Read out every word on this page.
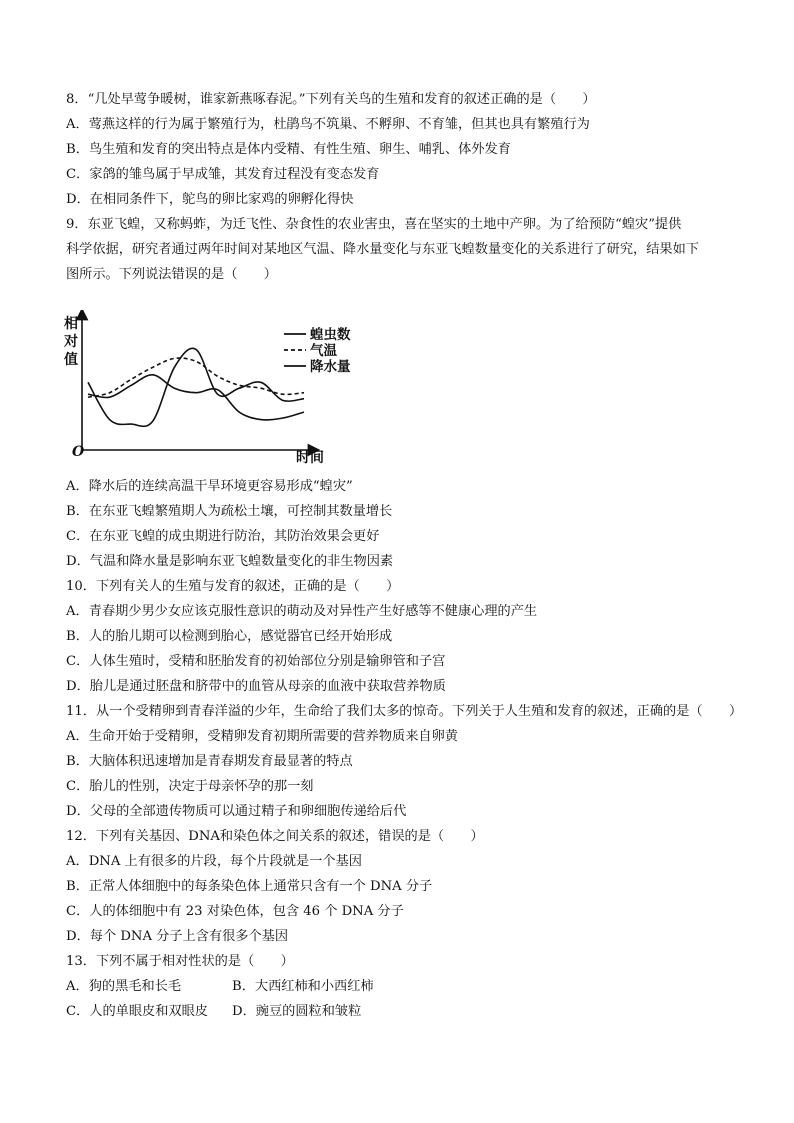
8．“几处早莺争暖树，谁家新燕啄春泥。”下列有关鸟的生殖和发育的叙述正确的是（　　）
A．莺燕这样的行为属于繁殖行为，杜鹃鸟不筑巢、不孵卵、不育雏，但其也具有繁殖行为
B．鸟生殖和发育的突出特点是体内受精、有性生殖、卵生、哺乳、体外发育
C．家鸽的雏鸟属于早成雏，其发育过程没有变态发育
D．在相同条件下，鸵鸟的卵比家鸡的卵孵化得快
9．东亚飞蝗，又称蚂蚱，为迁飞性、杂食性的农业害虫，喜在坚实的土地中产卵。为了给预防“蝗灾”提供
科学依据，研究者通过两年时间对某地区气温、降水量变化与东亚飞蝗数量变化的关系进行了研究，结果如下
图所示。下列说法错误的是（　　）
相
对
值
O	时间
蝗虫数
气温
降水量
A．降水后的连续高温干旱环境更容易形成“蝗灾”
B．在东亚飞蝗繁殖期人为疏松土壤，可控制其数量增长
C．在东亚飞蝗的成虫期进行防治，其防治效果会更好
D．气温和降水量是影响东亚飞蝗数量变化的非生物因素
10．下列有关人的生殖与发育的叙述，正确的是（　　）
A．青春期少男少女应该克服性意识的萌动及对异性产生好感等不健康心理的产生
B．人的胎儿期可以检测到胎心，感觉器官已经开始形成
C．人体生殖时，受精和胚胎发育的初始部位分别是输卵管和子宫
D．胎儿是通过胚盘和脐带中的血管从母亲的血液中获取营养物质
11．从一个受精卵到青春洋溢的少年，生命给了我们太多的惊奇。下列关于人生殖和发育的叙述，正确的是（　　）
A．生命开始于受精卵，受精卵发育初期所需要的营养物质来自卵黄
B．大脑体积迅速增加是青春期发育最显著的特点
C．胎儿的性别，决定于母亲怀孕的那一刻
D．父母的全部遗传物质可以通过精子和卵细胞传递给后代
12．下列有关基因、DNA和染色体之间关系的叙述，错误的是（　　）
A．DNA 上有很多的片段，每个片段就是一个基因
B．正常人体细胞中的每条染色体上通常只含有一个 DNA 分子
C．人的体细胞中有 23 对染色体，包含 46 个 DNA 分子
D．每个 DNA 分子上含有很多个基因
13．下列不属于相对性状的是（　　）
A．狗的黑毛和长毛	B．大西红柿和小西红柿
C．人的单眼皮和双眼皮 D．豌豆的圆粒和皱粒
